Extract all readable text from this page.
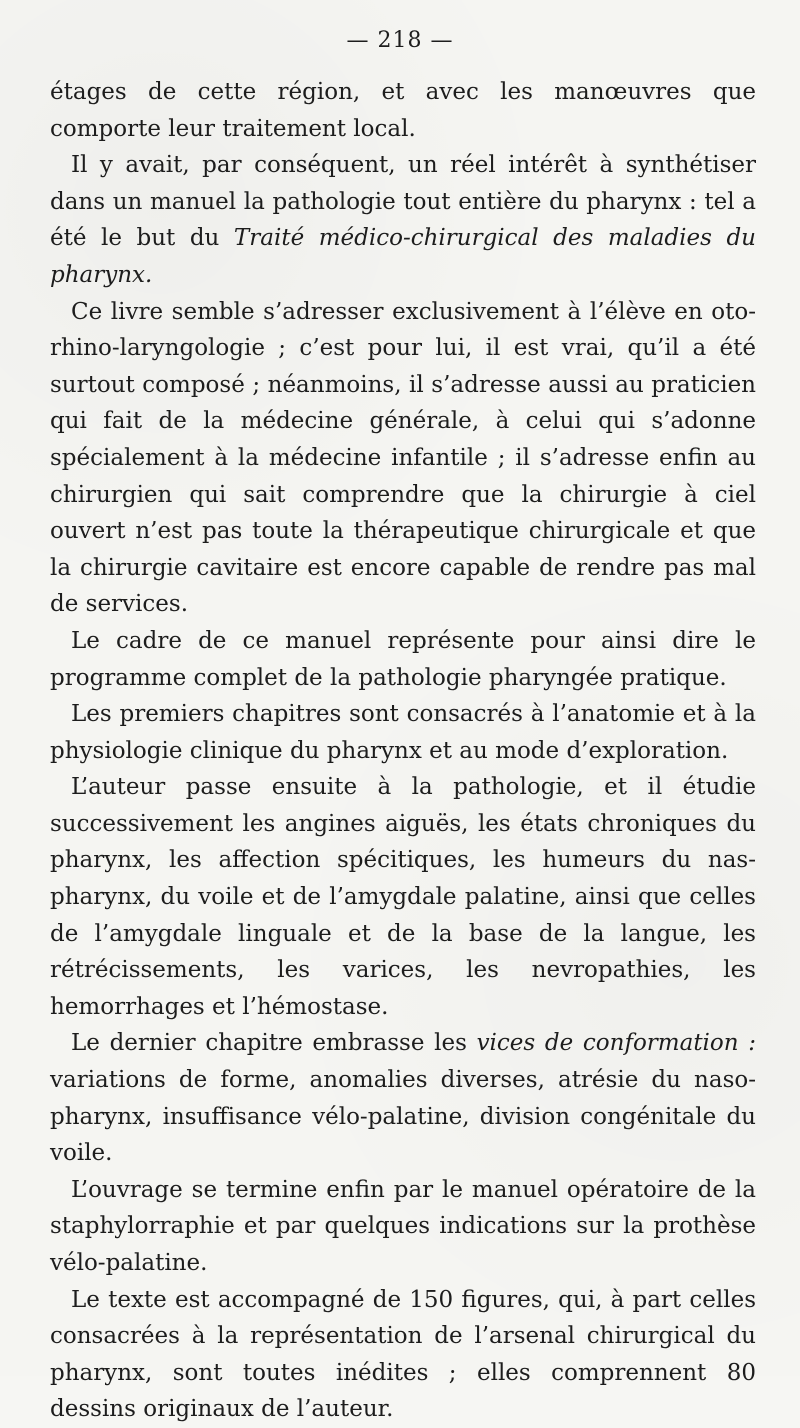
— 218 —

étages de cette région, et avec les manœuvres que comporte leur traitement local.

Il y avait, par conséquent, un réel intérêt à synthétiser dans un manuel la pathologie tout entière du pharynx : tel a été le but du Traité médico-chirurgical des maladies du pharynx.

Ce livre semble s’adresser exclusivement à l’élève en oto-rhino-laryngologie ; c’est pour lui, il est vrai, qu’il a été surtout composé ; néanmoins, il s’adresse aussi au praticien qui fait de la médecine générale, à celui qui s’adonne spécialement à la médecine infantile ; il s’adresse enfin au chirurgien qui sait comprendre que la chirurgie à ciel ouvert n’est pas toute la thérapeutique chirurgicale et que la chirurgie cavitaire est encore capable de rendre pas mal de services.

Le cadre de ce manuel représente pour ainsi dire le programme complet de la pathologie pharyngée pratique.

Les premiers chapitres sont consacrés à l’anatomie et à la physiologie clinique du pharynx et au mode d’exploration.

L’auteur passe ensuite à la pathologie, et il étudie successivement les angines aiguës, les états chroniques du pharynx, les affection spécitiques, les humeurs du nas-pharynx, du voile et de l’amygdale palatine, ainsi que celles de l’amygdale linguale et de la base de la langue, les rétrécissements, les varices, les nevropathies, les hemorrhages et l’hémostase.

Le dernier chapitre embrasse les vices de conformation : variations de forme, anomalies diverses, atrésie du naso-pharynx, insuffisance vélo-palatine, division congénitale du voile.

L’ouvrage se termine enfin par le manuel opératoire de la staphylorraphie et par quelques indications sur la prothèse vélo-palatine.

Le texte est accompagné de 150 figures, qui, à part celles consacrées à la représentation de l’arsenal chirurgical du pharynx, sont toutes inédites ; elles comprennent 80 dessins originaux de l’auteur.
